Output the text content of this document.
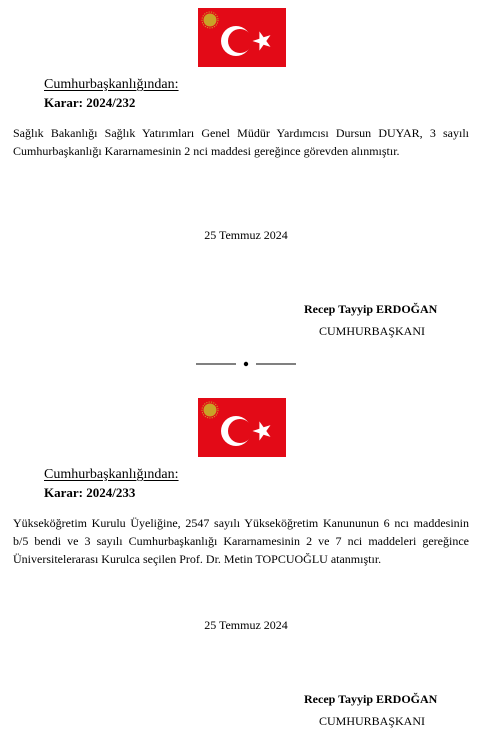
Cumhurbaşkanlığından:
Karar: 2024/232

Sağlık Bakanlığı Sağlık Yatırımları Genel Müdür Yardımcısı Dursun DUYAR, 3 sayılı Cumhurbaşkanlığı Kararnamesinin 2 nci maddesi gereğince görevden alınmıştır.

25 Temmuz 2024
Recep Tayyip ERDOĞAN
CUMHURBAŞKANI
Cumhurbaşkanlığından:
Karar: 2024/233

Yükseköğretim Kurulu Üyeliğine, 2547 sayılı Yükseköğretim Kanununun 6 ncı maddesinin b/5 bendi ve 3 sayılı Cumhurbaşkanlığı Kararnamesinin 2 ve 7 nci maddeleri gereğince Üniversitelerarası Kurulca seçilen Prof. Dr. Metin TOPCUOĞLU atanmıştır.

25 Temmuz 2024
Recep Tayyip ERDOĞAN
CUMHURBAŞKANI
